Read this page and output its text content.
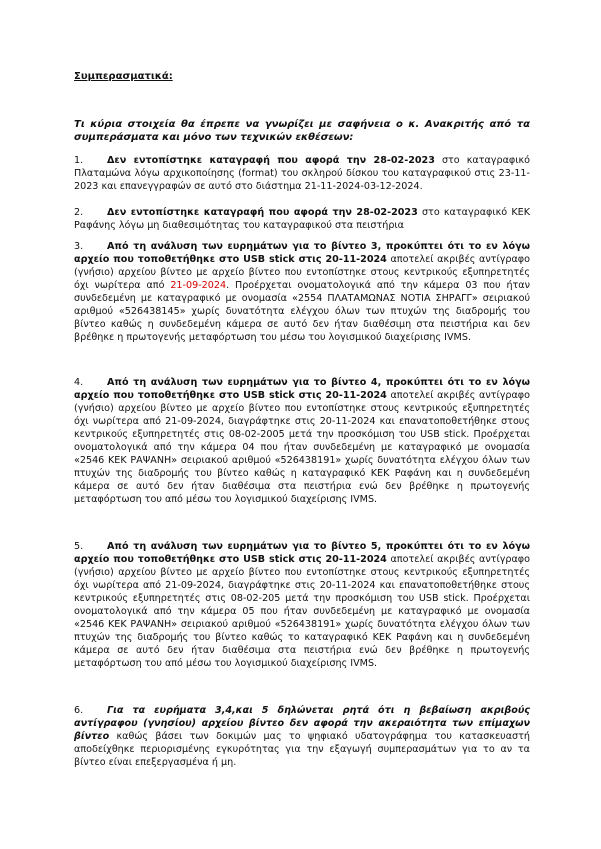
Συμπερασματικά:
Τι κύρια στοιχεία θα έπρεπε να γνωρίζει με σαφήνεια ο κ. Ανακριτής από τα συμπεράσματα και μόνο των τεχνικών εκθέσεων:
1. Δεν εντοπίστηκε καταγραφή που αφορά την 28-02-2023 στο καταγραφικό Πλαταμώνα λόγω αρχικοποίησης (format) του σκληρού δίσκου του καταγραφικού στις 23-11-2023 και επανεγγραφών σε αυτό στο διάστημα 21-11-2024-03-12-2024.
2. Δεν εντοπίστηκε καταγραφή που αφορά την 28-02-2023 στο καταγραφικό ΚΕΚ Ραφάνης λόγω μη διαθεσιμότητας του καταγραφικού στα πειστήρια
3. Από τη ανάλυση των ευρημάτων για το βίντεο 3, προκύπτει ότι το εν λόγω αρχείο που τοποθετήθηκε στο USB stick στις 20-11-2024 αποτελεί ακριβές αντίγραφο (γνήσιο) αρχείου βίντεο με αρχείο βίντεο που εντοπίστηκε στους κεντρικούς εξυπηρετητές όχι νωρίτερα από 21-09-2024. Προέρχεται ονοματολογικά από την κάμερα 03 που ήταν συνδεδεμένη με καταγραφικό με ονομασία «2554 ΠΛΑΤΑΜΩΝΑΣ ΝΟΤΙΑ ΣΗΡΑΓΓ» σειριακού αριθμού «526438145» χωρίς δυνατότητα ελέγχου όλων των πτυχών της διαδρομής του βίντεο καθώς η συνδεδεμένη κάμερα σε αυτό δεν ήταν διαθέσιμη στα πειστήρια και δεν βρέθηκε η πρωτογενής μεταφόρτωση του μέσω του λογισμικού διαχείρισης IVMS.
4. Από τη ανάλυση των ευρημάτων για το βίντεο 4, προκύπτει ότι το εν λόγω αρχείο που τοποθετήθηκε στο USB stick στις 20-11-2024 αποτελεί ακριβές αντίγραφο (γνήσιο) αρχείου βίντεο με αρχείο βίντεο που εντοπίστηκε στους κεντρικούς εξυπηρετητές όχι νωρίτερα από 21-09-2024, διαγράφτηκε στις 20-11-2024 και επανατοποθετήθηκε στους κεντρικούς εξυπηρετητές στις 08-02-2005 μετά την προσκόμιση του USB stick. Προέρχεται ονοματολογικά από την κάμερα 04 που ήταν συνδεδεμένη με καταγραφικό με ονομασία «2546 ΚΕΚ ΡΑΨΑΝΗ» σειριακού αριθμού «526438191» χωρίς δυνατότητα ελέγχου όλων των πτυχών της διαδρομής του βίντεο καθώς η καταγραφικό ΚΕΚ Ραφάνη και η συνδεδεμένη κάμερα σε αυτό δεν ήταν διαθέσιμα στα πειστήρια ενώ δεν βρέθηκε η πρωτογενής μεταφόρτωση του από μέσω του λογισμικού διαχείρισης IVMS.
5. Από τη ανάλυση των ευρημάτων για το βίντεο 5, προκύπτει ότι το εν λόγω αρχείο που τοποθετήθηκε στο USB stick στις 20-11-2024 αποτελεί ακριβές αντίγραφο (γνήσιο) αρχείου βίντεο με αρχείο βίντεο που εντοπίστηκε στους κεντρικούς εξυπηρετητές όχι νωρίτερα από 21-09-2024, διαγράφτηκε στις 20-11-2024 και επανατοποθετήθηκε στους κεντρικούς εξυπηρετητές στις 08-02-205 μετά την προσκόμιση του USB stick. Προέρχεται ονοματολογικά από την κάμερα 05 που ήταν συνδεδεμένη με καταγραφικό με ονομασία «2546 ΚΕΚ ΡΑΨΑΝΗ» σειριακού αριθμού «526438191» χωρίς δυνατότητα ελέγχου όλων των πτυχών της διαδρομής του βίντεο καθώς το καταγραφικό ΚΕΚ Ραφάνη και η συνδεδεμένη κάμερα σε αυτό δεν ήταν διαθέσιμα στα πειστήρια ενώ δεν βρέθηκε η πρωτογενής μεταφόρτωση του από μέσω του λογισμικού διαχείρισης IVMS.
6. Για τα ευρήματα 3,4,και 5 δηλώνεται ρητά ότι η βεβαίωση ακριβούς αντίγραφου (γνησίου) αρχείου βίντεο δεν αφορά την ακεραιότητα των επίμαχων βίντεο καθώς βάσει των δοκιμών μας το ψηφιακό υδατογράφημα του κατασκευαστή αποδείχθηκε περιορισμένης εγκυρότητας για την εξαγωγή συμπερασμάτων για το αν τα βίντεο είναι επεξεργασμένα ή μη.
